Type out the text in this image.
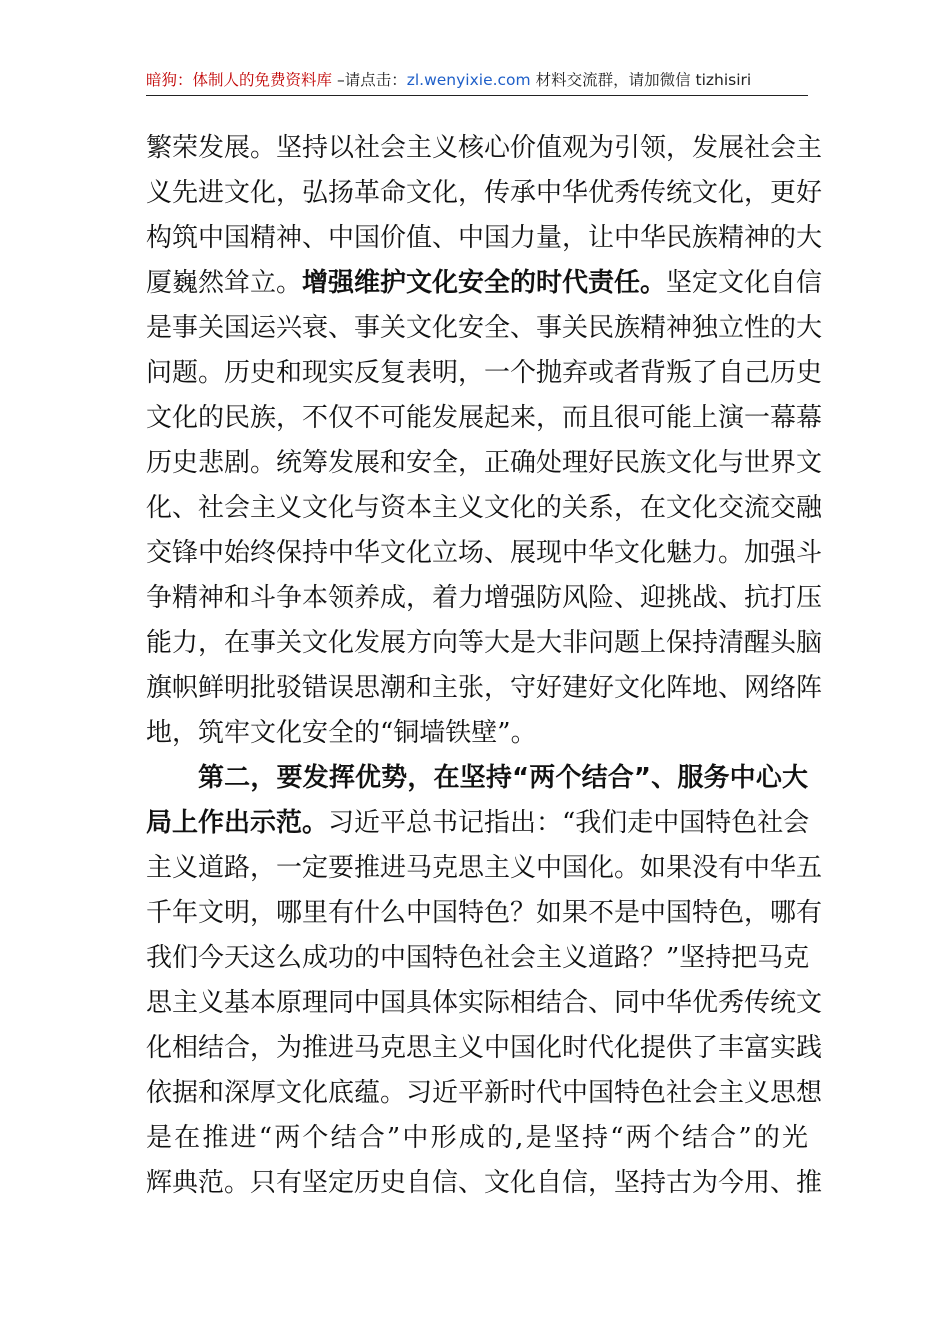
暗狗：体制人的免费资料库 –请点击：zl.wenyixie.com 材料交流群，请加微信 tizhisiri
繁荣发展。坚持以社会主义核心价值观为引领，发展社会主
义先进文化，弘扬革命文化，传承中华优秀传统文化，更好
构筑中国精神、中国价值、中国力量，让中华民族精神的大
厦巍然耸立。增强维护文化安全的时代责任。坚定文化自信
是事关国运兴衰、事关文化安全、事关民族精神独立性的大
问题。历史和现实反复表明，一个抛弃或者背叛了自己历史
文化的民族，不仅不可能发展起来，而且很可能上演一幕幕
历史悲剧。统筹发展和安全，正确处理好民族文化与世界文
化、社会主义文化与资本主义文化的关系，在文化交流交融
交锋中始终保持中华文化立场、展现中华文化魅力。加强斗
争精神和斗争本领养成，着力增强防风险、迎挑战、抗打压
能力，在事关文化发展方向等大是大非问题上保持清醒头脑
旗帜鲜明批驳错误思潮和主张，守好建好文化阵地、网络阵
地，筑牢文化安全的“铜墙铁壁”。
第二，要发挥优势，在坚持“两个结合”、服务中心大
局上作出示范。习近平总书记指出：“我们走中国特色社会
主义道路，一定要推进马克思主义中国化。如果没有中华五
千年文明，哪里有什么中国特色？如果不是中国特色，哪有
我们今天这么成功的中国特色社会主义道路？”坚持把马克
思主义基本原理同中国具体实际相结合、同中华优秀传统文
化相结合，为推进马克思主义中国化时代化提供了丰富实践
依据和深厚文化底蕴。习近平新时代中国特色社会主义思想
是在推进“两个结合”中形成的,是坚持“两个结合”的光
辉典范。只有坚定历史自信、文化自信，坚持古为今用、推
